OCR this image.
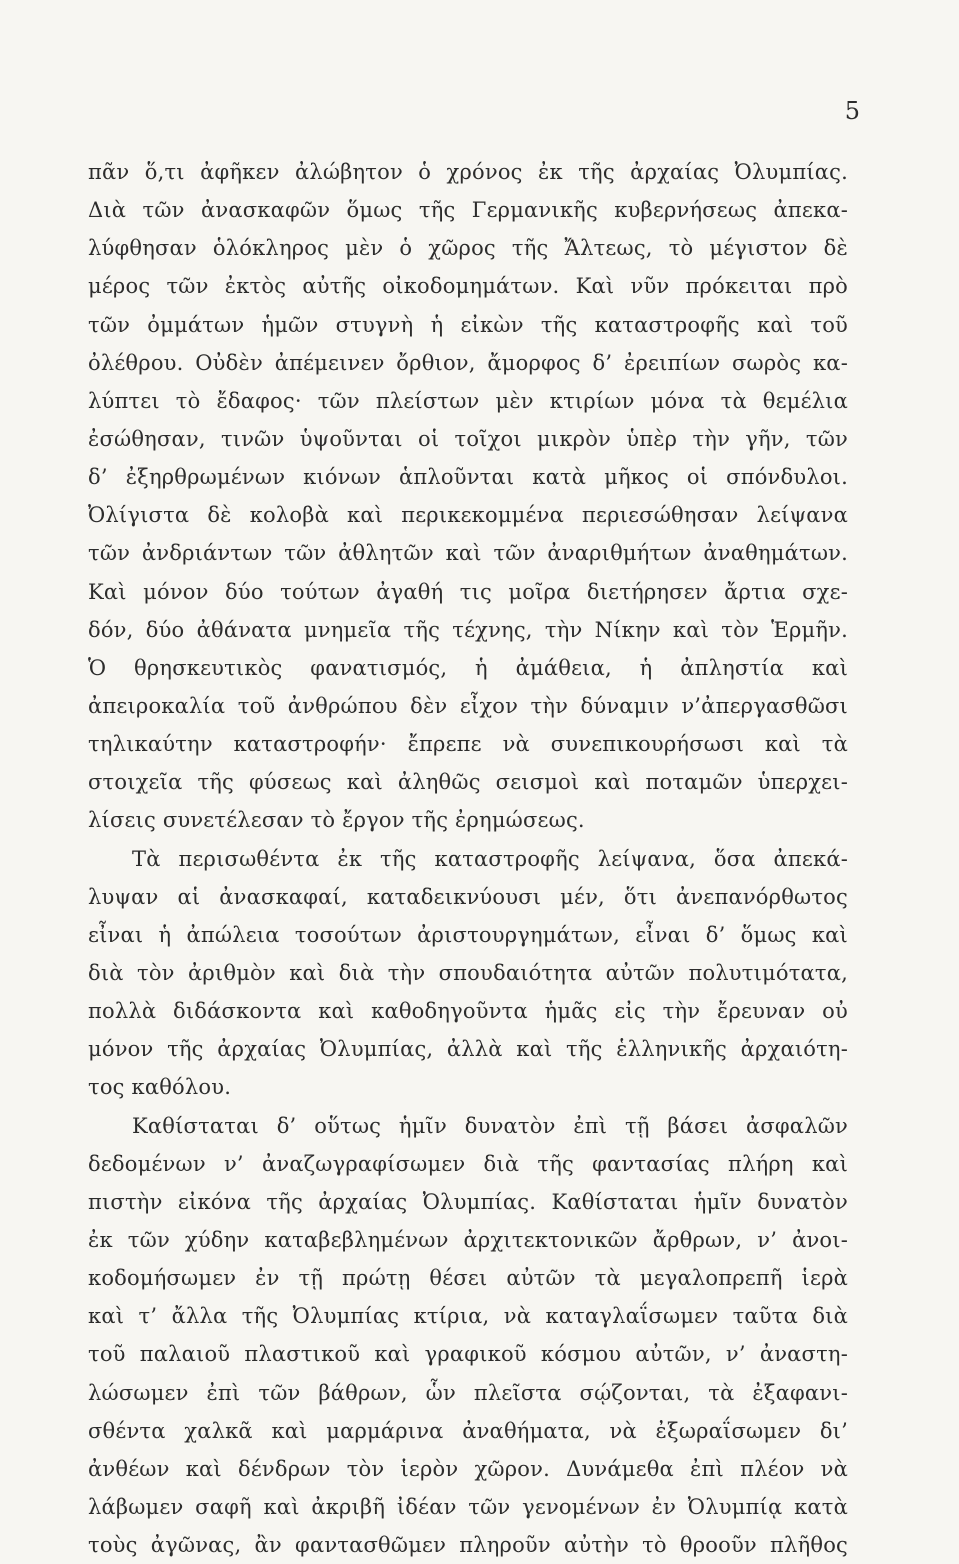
5
πᾶν ὅ,τι ἀφῆκεν ἀλώβητον ὁ χρόνος ἐκ τῆς ἀρχαίας Ὀλυμπίας.
Διὰ τῶν ἀνασκαφῶν ὅμως τῆς Γερμανικῆς κυβερνήσεως ἀπεκα-
λύφθησαν ὁλόκληρος μὲν ὁ χῶρος τῆς Ἄλτεως, τὸ μέγιστον δὲ
μέρος τῶν ἐκτὸς αὐτῆς οἰκοδομημάτων. Καὶ νῦν πρόκειται πρὸ
τῶν ὀμμάτων ἡμῶν στυγνὴ ἡ εἰκὼν τῆς καταστροφῆς καὶ τοῦ
ὀλέθρου. Οὐδὲν ἀπέμεινεν ὄρθιον, ἄμορφος δ’ ἐρειπίων σωρὸς κα-
λύπτει τὸ ἔδαφος· τῶν πλείστων μὲν κτιρίων μόνα τὰ θεμέλια
ἐσώθησαν, τινῶν ὑψοῦνται οἱ τοῖχοι μικρὸν ὑπὲρ τὴν γῆν, τῶν
δ’ ἐξηρθρωμένων κιόνων ἁπλοῦνται κατὰ μῆκος οἱ σπόνδυλοι.
Ὀλίγιστα δὲ κολοβὰ καὶ περικεκομμένα περιεσώθησαν λείψανα
τῶν ἀνδριάντων τῶν ἀθλητῶν καὶ τῶν ἀναριθμήτων ἀναθημάτων.
Καὶ μόνον δύο τούτων ἀγαθή τις μοῖρα διετήρησεν ἄρτια σχε-
δόν, δύο ἀθάνατα μνημεῖα τῆς τέχνης, τὴν Νίκην καὶ τὸν Ἑρμῆν.
Ὁ θρησκευτικὸς φανατισμός, ἡ ἀμάθεια, ἡ ἀπληστία καὶ
ἀπειροκαλία τοῦ ἀνθρώπου δὲν εἶχον τὴν δύναμιν ν’ἀπεργασθῶσι
τηλικαύτην καταστροφήν· ἔπρεπε νὰ συνεπικουρήσωσι καὶ τὰ
στοιχεῖα τῆς φύσεως καὶ ἀληθῶς σεισμοὶ καὶ ποταμῶν ὑπερχει-
λίσεις συνετέλεσαν τὸ ἔργον τῆς ἐρημώσεως.
Τὰ περισωθέντα ἐκ τῆς καταστροφῆς λείψανα, ὅσα ἀπεκά-
λυψαν αἱ ἀνασκαφαί, καταδεικνύουσι μέν, ὅτι ἀνεπανόρθωτος
εἶναι ἡ ἀπώλεια τοσούτων ἀριστουργημάτων, εἶναι δ’ ὅμως καὶ
διὰ τὸν ἀριθμὸν καὶ διὰ τὴν σπουδαιότητα αὐτῶν πολυτιμότατα,
πολλὰ διδάσκοντα καὶ καθοδηγοῦντα ἡμᾶς εἰς τὴν ἔρευναν οὐ
μόνον τῆς ἀρχαίας Ὀλυμπίας, ἀλλὰ καὶ τῆς ἑλληνικῆς ἀρχαιότη-
τος καθόλου.
Καθίσταται δ’ οὕτως ἡμῖν δυνατὸν ἐπὶ τῇ βάσει ἀσφαλῶν
δεδομένων ν’ ἀναζωγραφίσωμεν διὰ τῆς φαντασίας πλήρη καὶ
πιστὴν εἰκόνα τῆς ἀρχαίας Ὀλυμπίας. Καθίσταται ἡμῖν δυνατὸν
ἐκ τῶν χύδην καταβεβλημένων ἀρχιτεκτονικῶν ἄρθρων, ν’ ἀνοι-
κοδομήσωμεν ἐν τῇ πρώτῃ θέσει αὐτῶν τὰ μεγαλοπρεπῆ ἱερὰ
καὶ τ’ ἄλλα τῆς Ὀλυμπίας κτίρια, νὰ καταγλαΐσωμεν ταῦτα διὰ
τοῦ παλαιοῦ πλαστικοῦ καὶ γραφικοῦ κόσμου αὐτῶν, ν’ ἀναστη-
λώσωμεν ἐπὶ τῶν βάθρων, ὧν πλεῖστα σῴζονται, τὰ ἐξαφανι-
σθέντα χαλκᾶ καὶ μαρμάρινα ἀναθήματα, νὰ ἐξωραΐσωμεν δι’
ἀνθέων καὶ δένδρων τὸν ἱερὸν χῶρον. Δυνάμεθα ἐπὶ πλέον νὰ
λάβωμεν σαφῆ καὶ ἀκριβῆ ἰδέαν τῶν γενομένων ἐν Ὀλυμπίᾳ κατὰ
τοὺς ἀγῶνας, ἂν φαντασθῶμεν πληροῦν αὐτὴν τὸ θροοῦν πλῆθος
